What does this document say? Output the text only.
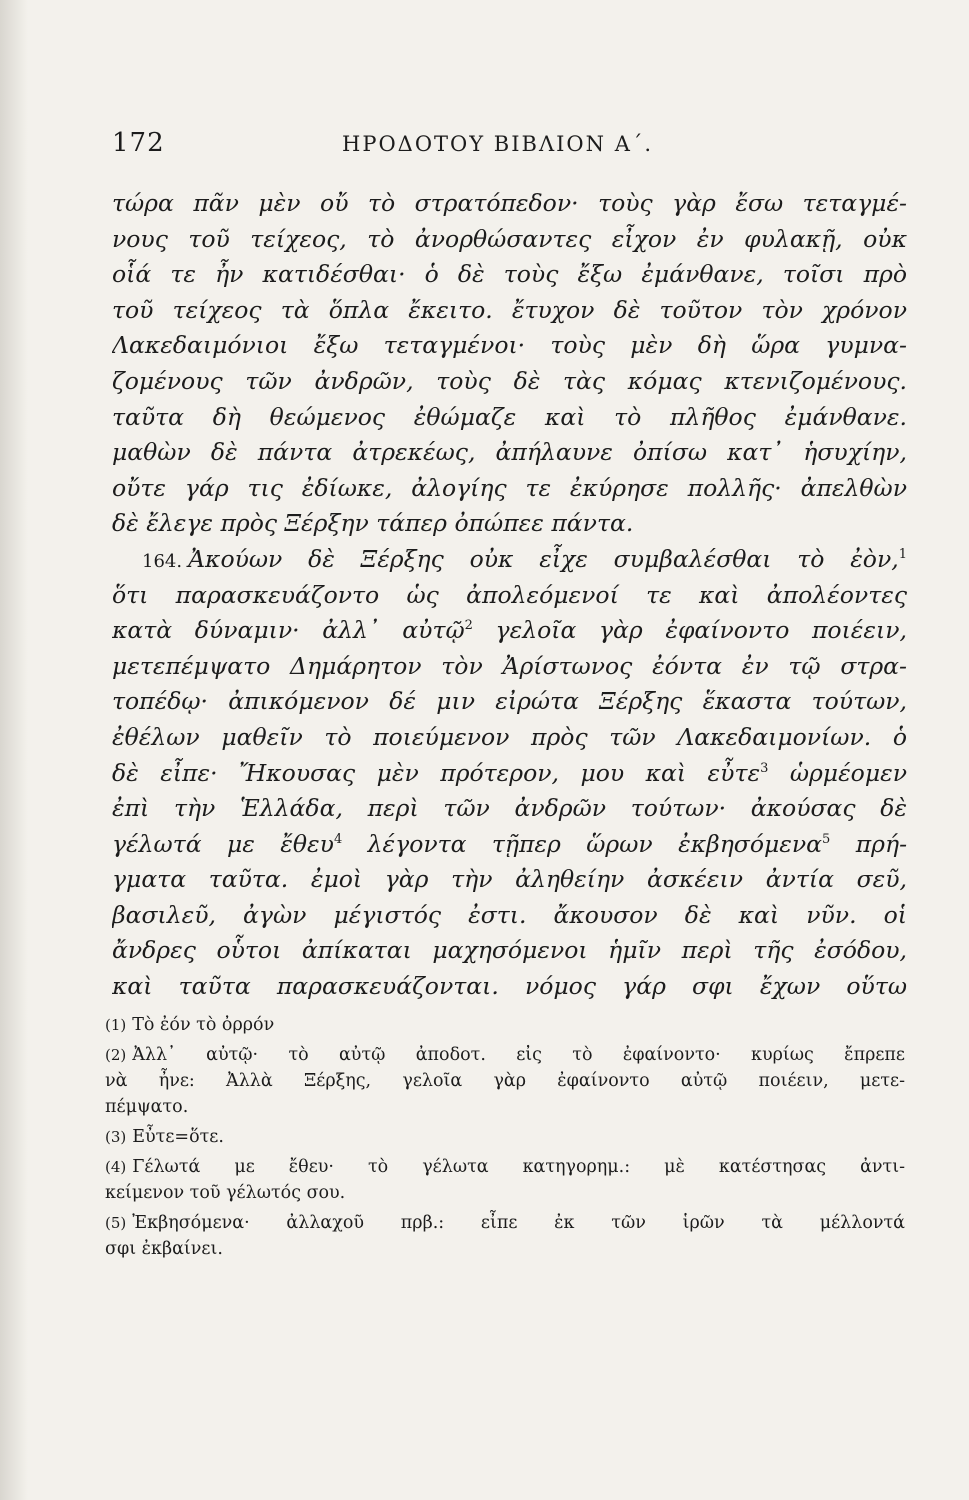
172	ΗΡΟΔΟΤΟΥ ΒΙΒΛΙΟΝ Α΄.
τώρα πᾶν μὲν οὔ τὸ στρατόπεδον· τοὺς γὰρ ἔσω τεταγμέ-
νους τοῦ τείχεος, τὸ ἀνορθώσαντες εἶχον ἐν φυλακῇ, οὐκ
οἷά τε ἦν κατιδέσθαι· ὁ δὲ τοὺς ἔξω ἐμάνθανε, τοῖσι πρὸ
τοῦ τείχεος τὰ ὅπλα ἔκειτο. ἔτυχον δὲ τοῦτον τὸν χρόνον
Λακεδαιμόνιοι ἔξω τεταγμένοι· τοὺς μὲν δὴ ὥρα γυμνα-
ζομένους τῶν ἀνδρῶν, τοὺς δὲ τὰς κόμας κτενιζομένους.
ταῦτα δὴ θεώμενος ἐθώμαζε καὶ τὸ πλῆθος ἐμάνθανε.
μαθὼν δὲ πάντα ἀτρεκέως, ἀπήλαυνε ὀπίσω κατ᾽ ἡσυχίην,
οὔτε γάρ τις ἐδίωκε, ἀλογίης τε ἐκύρησε πολλῆς· ἀπελθὼν
δὲ ἔλεγε πρὸς Ξέρξην τάπερ ὀπώπεε πάντα.
164. Ἀκούων δὲ Ξέρξης οὐκ εἶχε συμβαλέσθαι τὸ ἐὸν,$^1$
ὅτι παρασκευάζοντο ὡς ἀπολεόμενοί τε καὶ ἀπολέοντες
κατὰ δύναμιν· ἀλλ᾽ αὐτῷ$^2$ γελοῖα γὰρ ἐφαίνοντο ποιέειν,
μετεπέμψατο Δημάρητον τὸν Ἀρίστωνος ἐόντα ἐν τῷ στρα-
τοπέδῳ· ἀπικόμενον δέ μιν εἰρώτα Ξέρξης ἕκαστα τούτων,
ἐθέλων μαθεῖν τὸ ποιεύμενον πρὸς τῶν Λακεδαιμονίων. ὁ
δὲ εἶπε· Ἤκουσας μὲν πρότερον, μου καὶ εὖτε$^3$ ὡρμέομεν
ἐπὶ τὴν Ἑλλάδα, περὶ τῶν ἀνδρῶν τούτων· ἀκούσας δὲ
γέλωτά με ἔθευ$^4$ λέγοντα τῇπερ ὥρων ἐκβησόμενα$^5$ πρή-
γματα ταῦτα. ἐμοὶ γὰρ τὴν ἀληθείην ἀσκέειν ἀντία σεῦ,
βασιλεῦ, ἀγὼν μέγιστός ἐστι. ἄκουσον δὲ καὶ νῦν. οἱ
ἄνδρες οὗτοι ἀπίκαται μαχησόμενοι ἡμῖν περὶ τῆς ἐσόδου,
καὶ ταῦτα παρασκευάζονται. νόμος γάρ σφι ἔχων οὕτω
(1) Τὸ ἐόν τὸ ὀρρόν
(2) Ἀλλ᾽ αὐτῷ· τὸ αὐτῷ ἀποδοτ. εἰς τὸ ἐφαίνοντο· κυρίως ἔπρεπε
νὰ ἦνε: Ἀλλὰ Ξέρξης, γελοῖα γὰρ ἐφαίνοντο αὐτῷ ποιέειν, μετε-
πέμψατο.
(3) Εὖτε=ὅτε.
(4) Γέλωτά με ἔθευ· τὸ γέλωτα κατηγορημ.: μὲ κατέστησας ἀντι-
κείμενον τοῦ γέλωτός σου.
(5) Ἐκβησόμενα· ἀλλαχοῦ πρβ.: εἶπε ἐκ τῶν ἱρῶν τὰ μέλλοντά
σφι ἐκβαίνει.
